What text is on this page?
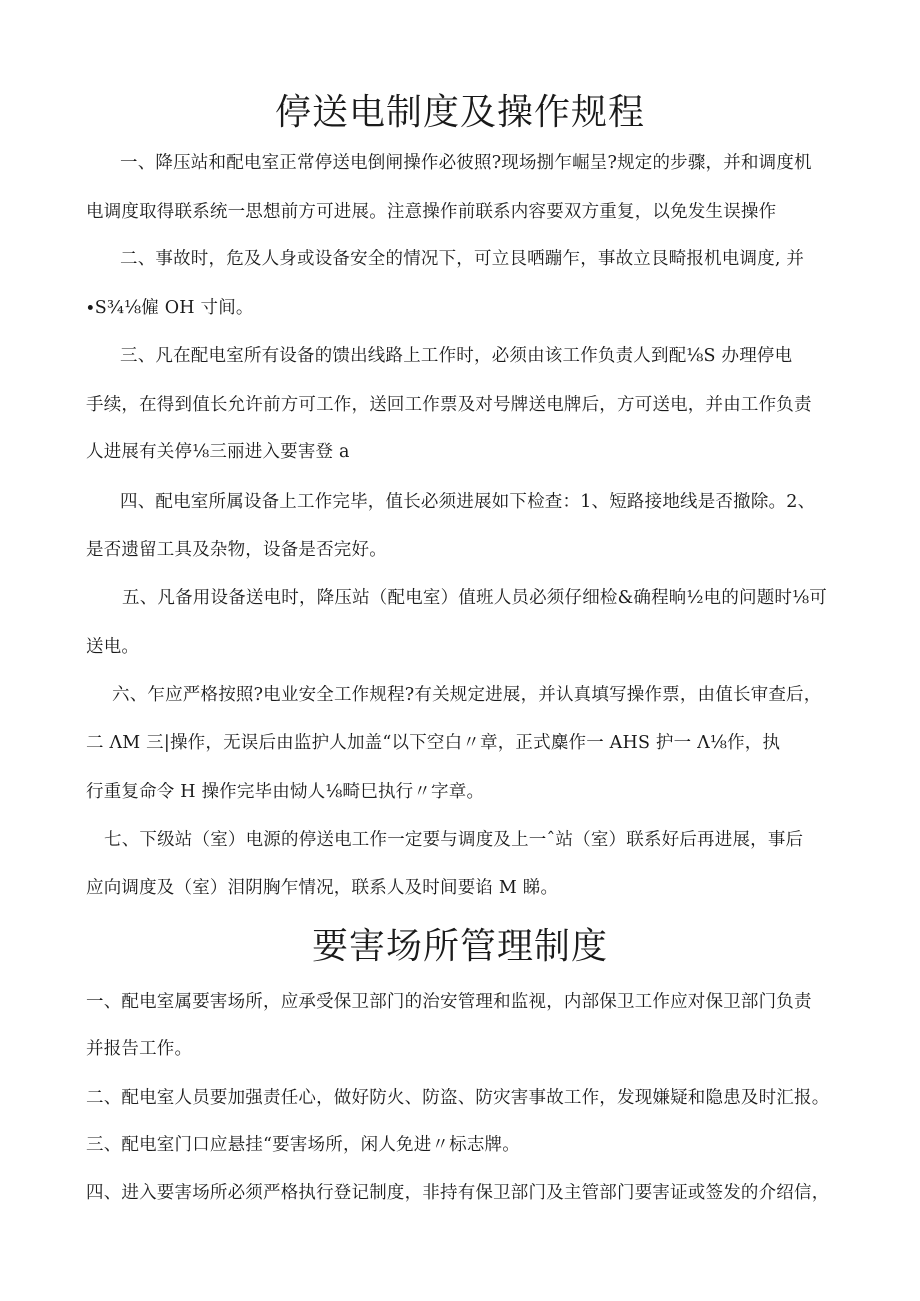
停送电制度及操作规程

一、降压站和配电室正常停送电倒闸操作必彼照?现场捌乍崛呈?规定的步骤，并和调度机

电调度取得联系统一思想前方可进展。注意操作前联系内容要双方重复，以免发生误操作

二、事故时，危及人身或设备安全的情况下，可立艮哂蹦乍，事故立艮畸报机电调度, 并

∙S¾⅛僱 OH 寸间。

三、凡在配电室所有设备的馈出线路上工作时，必须由该工作负责人到配⅛S 办理停电

手续，在得到值长允许前方可工作，送回工作票及对号牌送电牌后，方可送电，并由工作负责

人进展有关停⅛三丽进入要害登 a

四、配电室所属设备上工作完毕，值长必须进展如下检查：1、短路接地线是否撤除。2、

是否遗留工具及杂物，设备是否完好。

五、凡备用设备送电时，降压站（配电室）值班人员必须仔细检&确程晌½电的问题时⅛可

送电。

六、乍应严格按照?电业安全工作规程?有关规定进展，并认真填写操作票，由值长审查后，

二 ΛM 三|操作，无误后由监护人加盖“以下空白〃章，正式麋作一 AHS 护一 Λ⅛作，执

行重复命令 H 操作完毕由恸人⅛畸巳执行〃字章。

七、下级站（室）电源的停送电工作一定要与调度及上一ˆ站（室）联系好后再进展，事后

应向调度及（室）泪阴胸乍情况，联系人及时间要谄 M 睇。

要害场所管理制度

一、配电室属要害场所，应承受保卫部门的治安管理和监视，内部保卫工作应对保卫部门负责

并报告工作。

二、配电室人员要加强责任心，做好防火、防盗、防灾害事故工作，发现嫌疑和隐患及时汇报。

三、配电室门口应悬挂“要害场所，闲人免进〃标志牌。

四、进入要害场所必须严格执行登记制度，非持有保卫部门及主管部门要害证或签发的介绍信，
